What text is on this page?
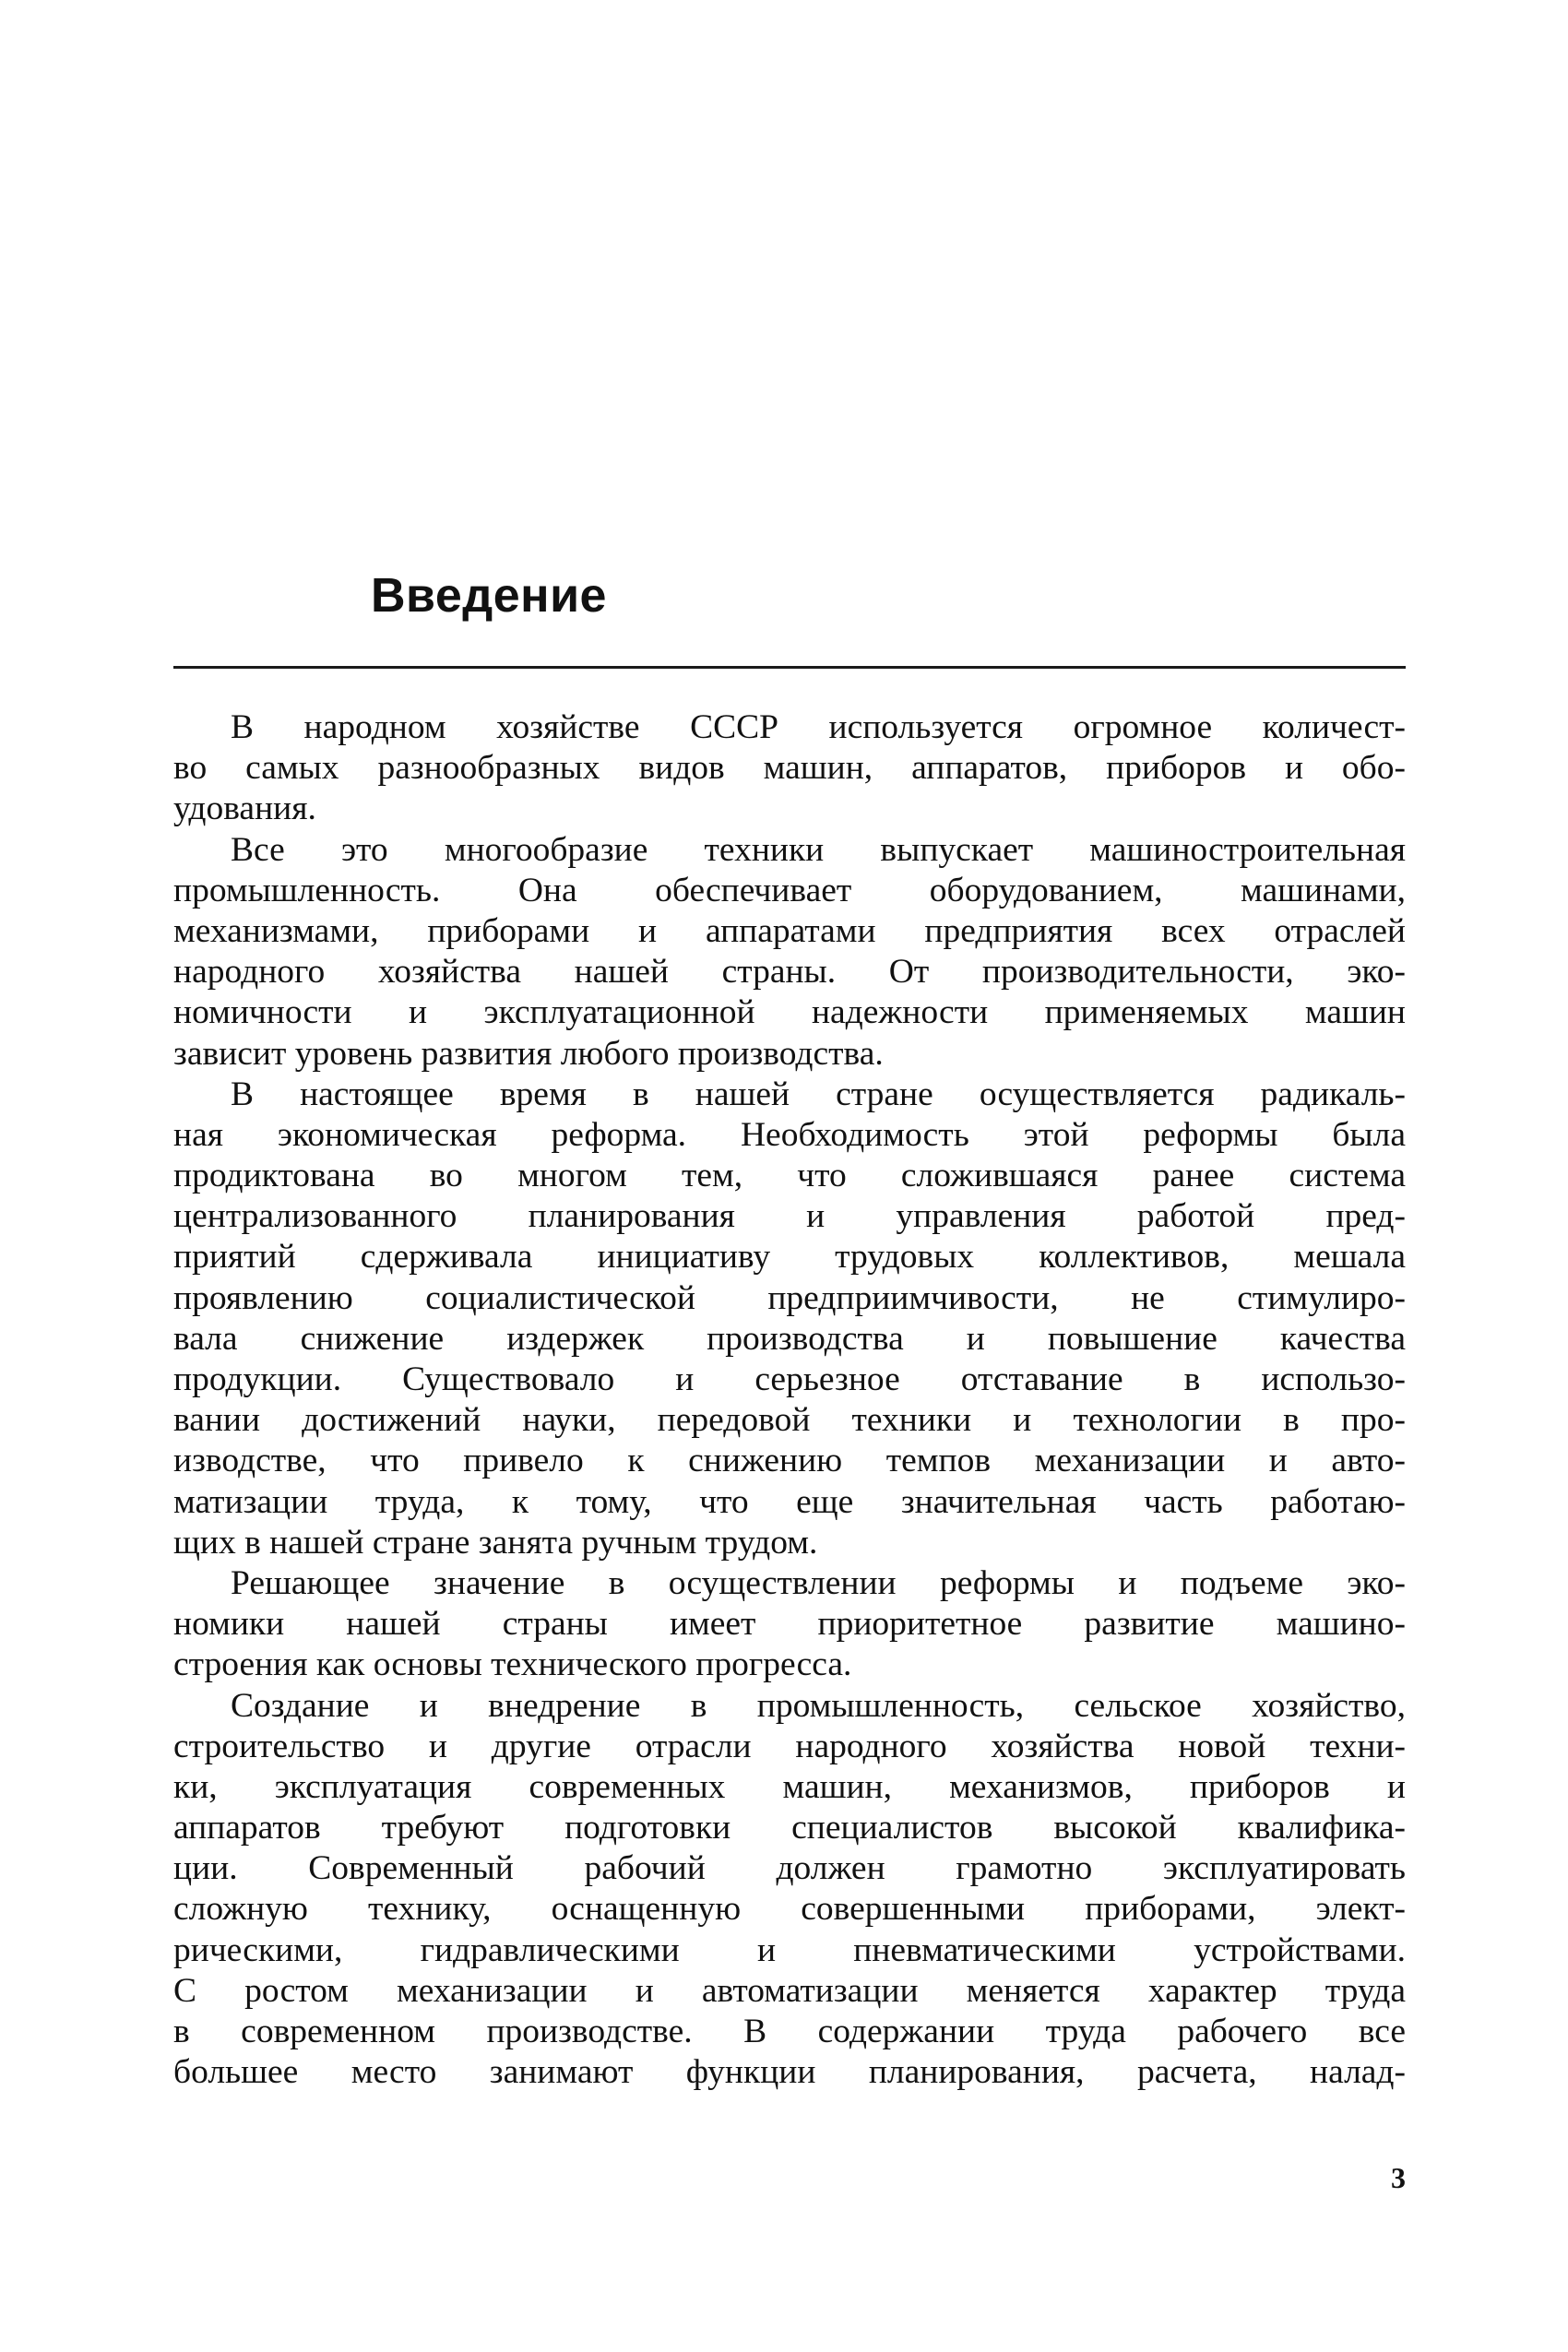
Введение
В народном хозяйстве СССР используется огромное количест-
во самых разнообразных видов машин, аппаратов, приборов и обо-
удования.
Все это многообразие техники выпускает машиностроительная
промышленность. Она обеспечивает оборудованием, машинами,
механизмами, приборами и аппаратами предприятия всех отраслей
народного хозяйства нашей страны. От производительности, эко-
номичности и эксплуатационной надежности применяемых машин
зависит уровень развития любого производства.
В настоящее время в нашей стране осуществляется радикаль-
ная экономическая реформа. Необходимость этой реформы была
продиктована во многом тем, что сложившаяся ранее система
централизованного планирования и управления работой пред-
приятий сдерживала инициативу трудовых коллективов, мешала
проявлению социалистической предприимчивости, не стимулиро-
вала снижение издержек производства и повышение качества
продукции. Существовало и серьезное отставание в использо-
вании достижений науки, передовой техники и технологии в про-
изводстве, что привело к снижению темпов механизации и авто-
матизации труда, к тому, что еще значительная часть работаю-
щих в нашей стране занята ручным трудом.
Решающее значение в осуществлении реформы и подъеме эко-
номики нашей страны имеет приоритетное развитие машино-
строения как основы технического прогресса.
Создание и внедрение в промышленность, сельское хозяйство,
строительство и другие отрасли народного хозяйства новой техни-
ки, эксплуатация современных машин, механизмов, приборов и
аппаратов требуют подготовки специалистов высокой квалифика-
ции. Современный рабочий должен грамотно эксплуатировать
сложную технику, оснащенную совершенными приборами, элект-
рическими, гидравлическими и пневматическими устройствами.
С ростом механизации и автоматизации меняется характер труда
в современном производстве. В содержании труда рабочего все
большее место занимают функции планирования, расчета, налад-
3
